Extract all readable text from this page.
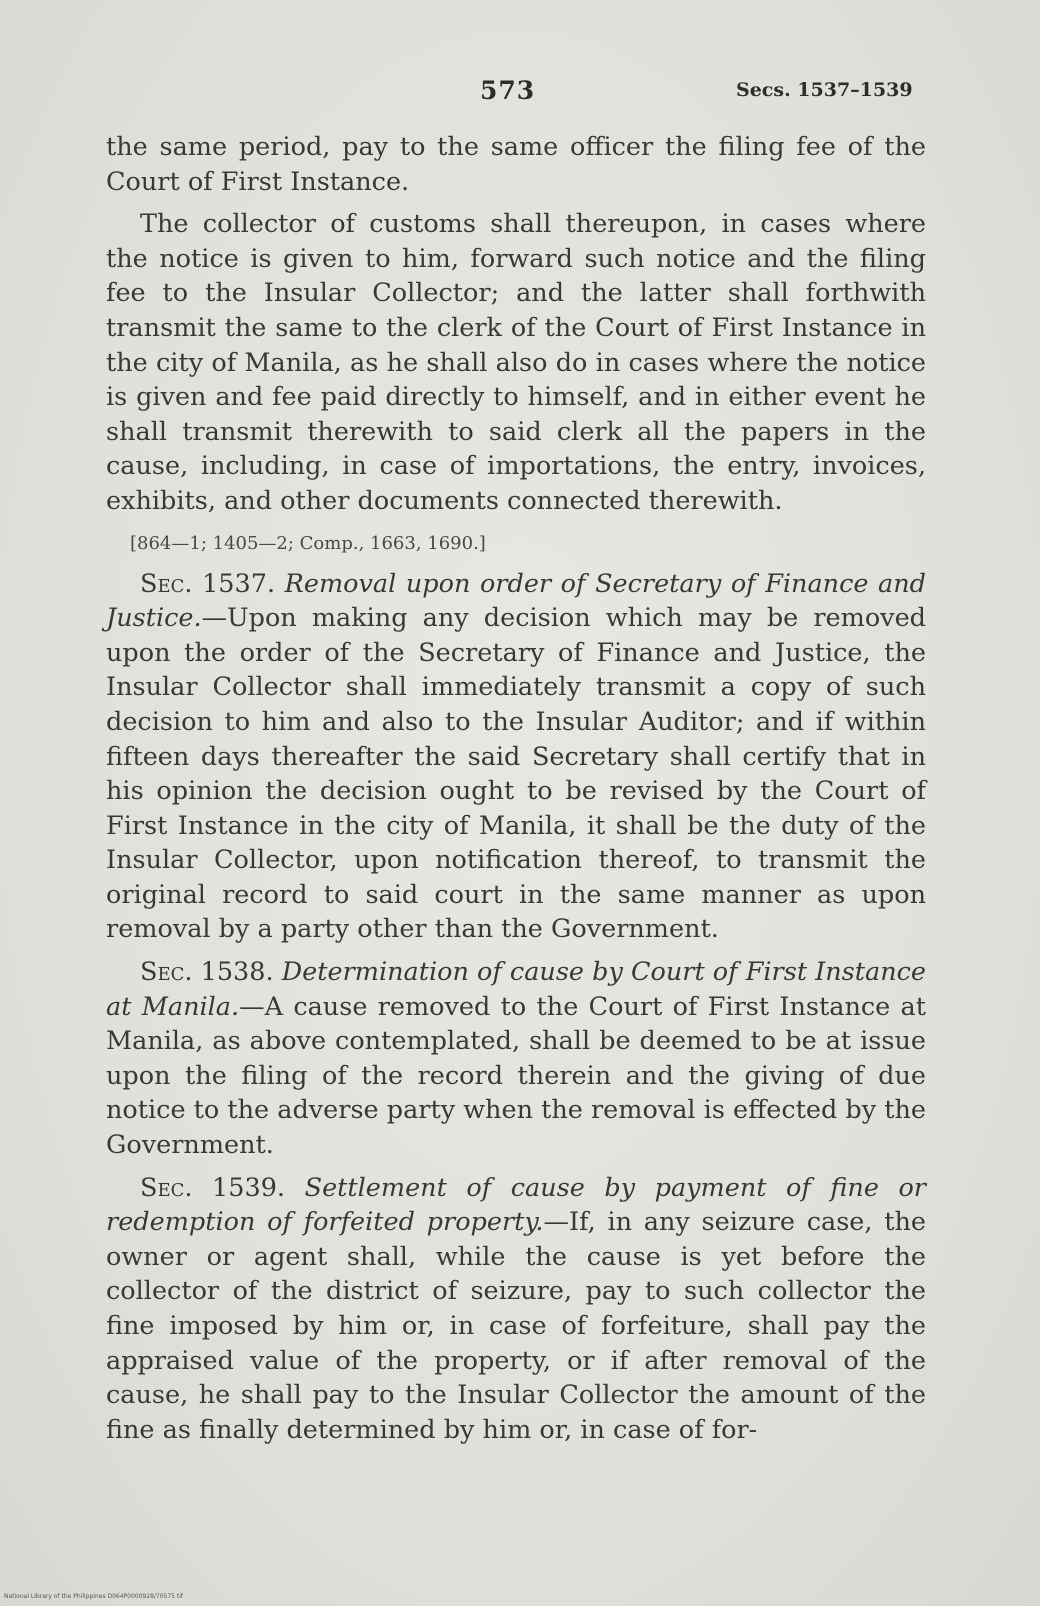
573	Secs. 1537–1539

the same period, pay to the same officer the filing fee of the Court of First Instance.

The collector of customs shall thereupon, in cases where the notice is given to him, forward such notice and the filing fee to the Insular Collector; and the latter shall forthwith transmit the same to the clerk of the Court of First Instance in the city of Manila, as he shall also do in cases where the notice is given and fee paid directly to himself, and in either event he shall transmit therewith to said clerk all the papers in the cause, including, in case of importations, the entry, invoices, exhibits, and other documents connected therewith.

[864—1; 1405—2; Comp., 1663, 1690.]

Sec. 1537. Removal upon order of Secretary of Finance and Justice.—Upon making any decision which may be removed upon the order of the Secretary of Finance and Justice, the Insular Collector shall immediately transmit a copy of such decision to him and also to the Insular Auditor; and if within fifteen days thereafter the said Secretary shall certify that in his opinion the decision ought to be revised by the Court of First Instance in the city of Manila, it shall be the duty of the Insular Collector, upon notification thereof, to transmit the original record to said court in the same manner as upon removal by a party other than the Government.

Sec. 1538. Determination of cause by Court of First Instance at Manila.—A cause removed to the Court of First Instance at Manila, as above contemplated, shall be deemed to be at issue upon the filing of the record therein and the giving of due notice to the adverse party when the removal is effected by the Government.

Sec. 1539. Settlement of cause by payment of fine or redemption of forfeited property.—If, in any seizure case, the owner or agent shall, while the cause is yet before the collector of the district of seizure, pay to such collector the fine imposed by him or, in case of forfeiture, shall pay the appraised value of the property, or if after removal of the cause, he shall pay to the Insular Collector the amount of the fine as finally determined by him or, in case of for-

National Library of the Philippines D064P0000928/70575 tif
